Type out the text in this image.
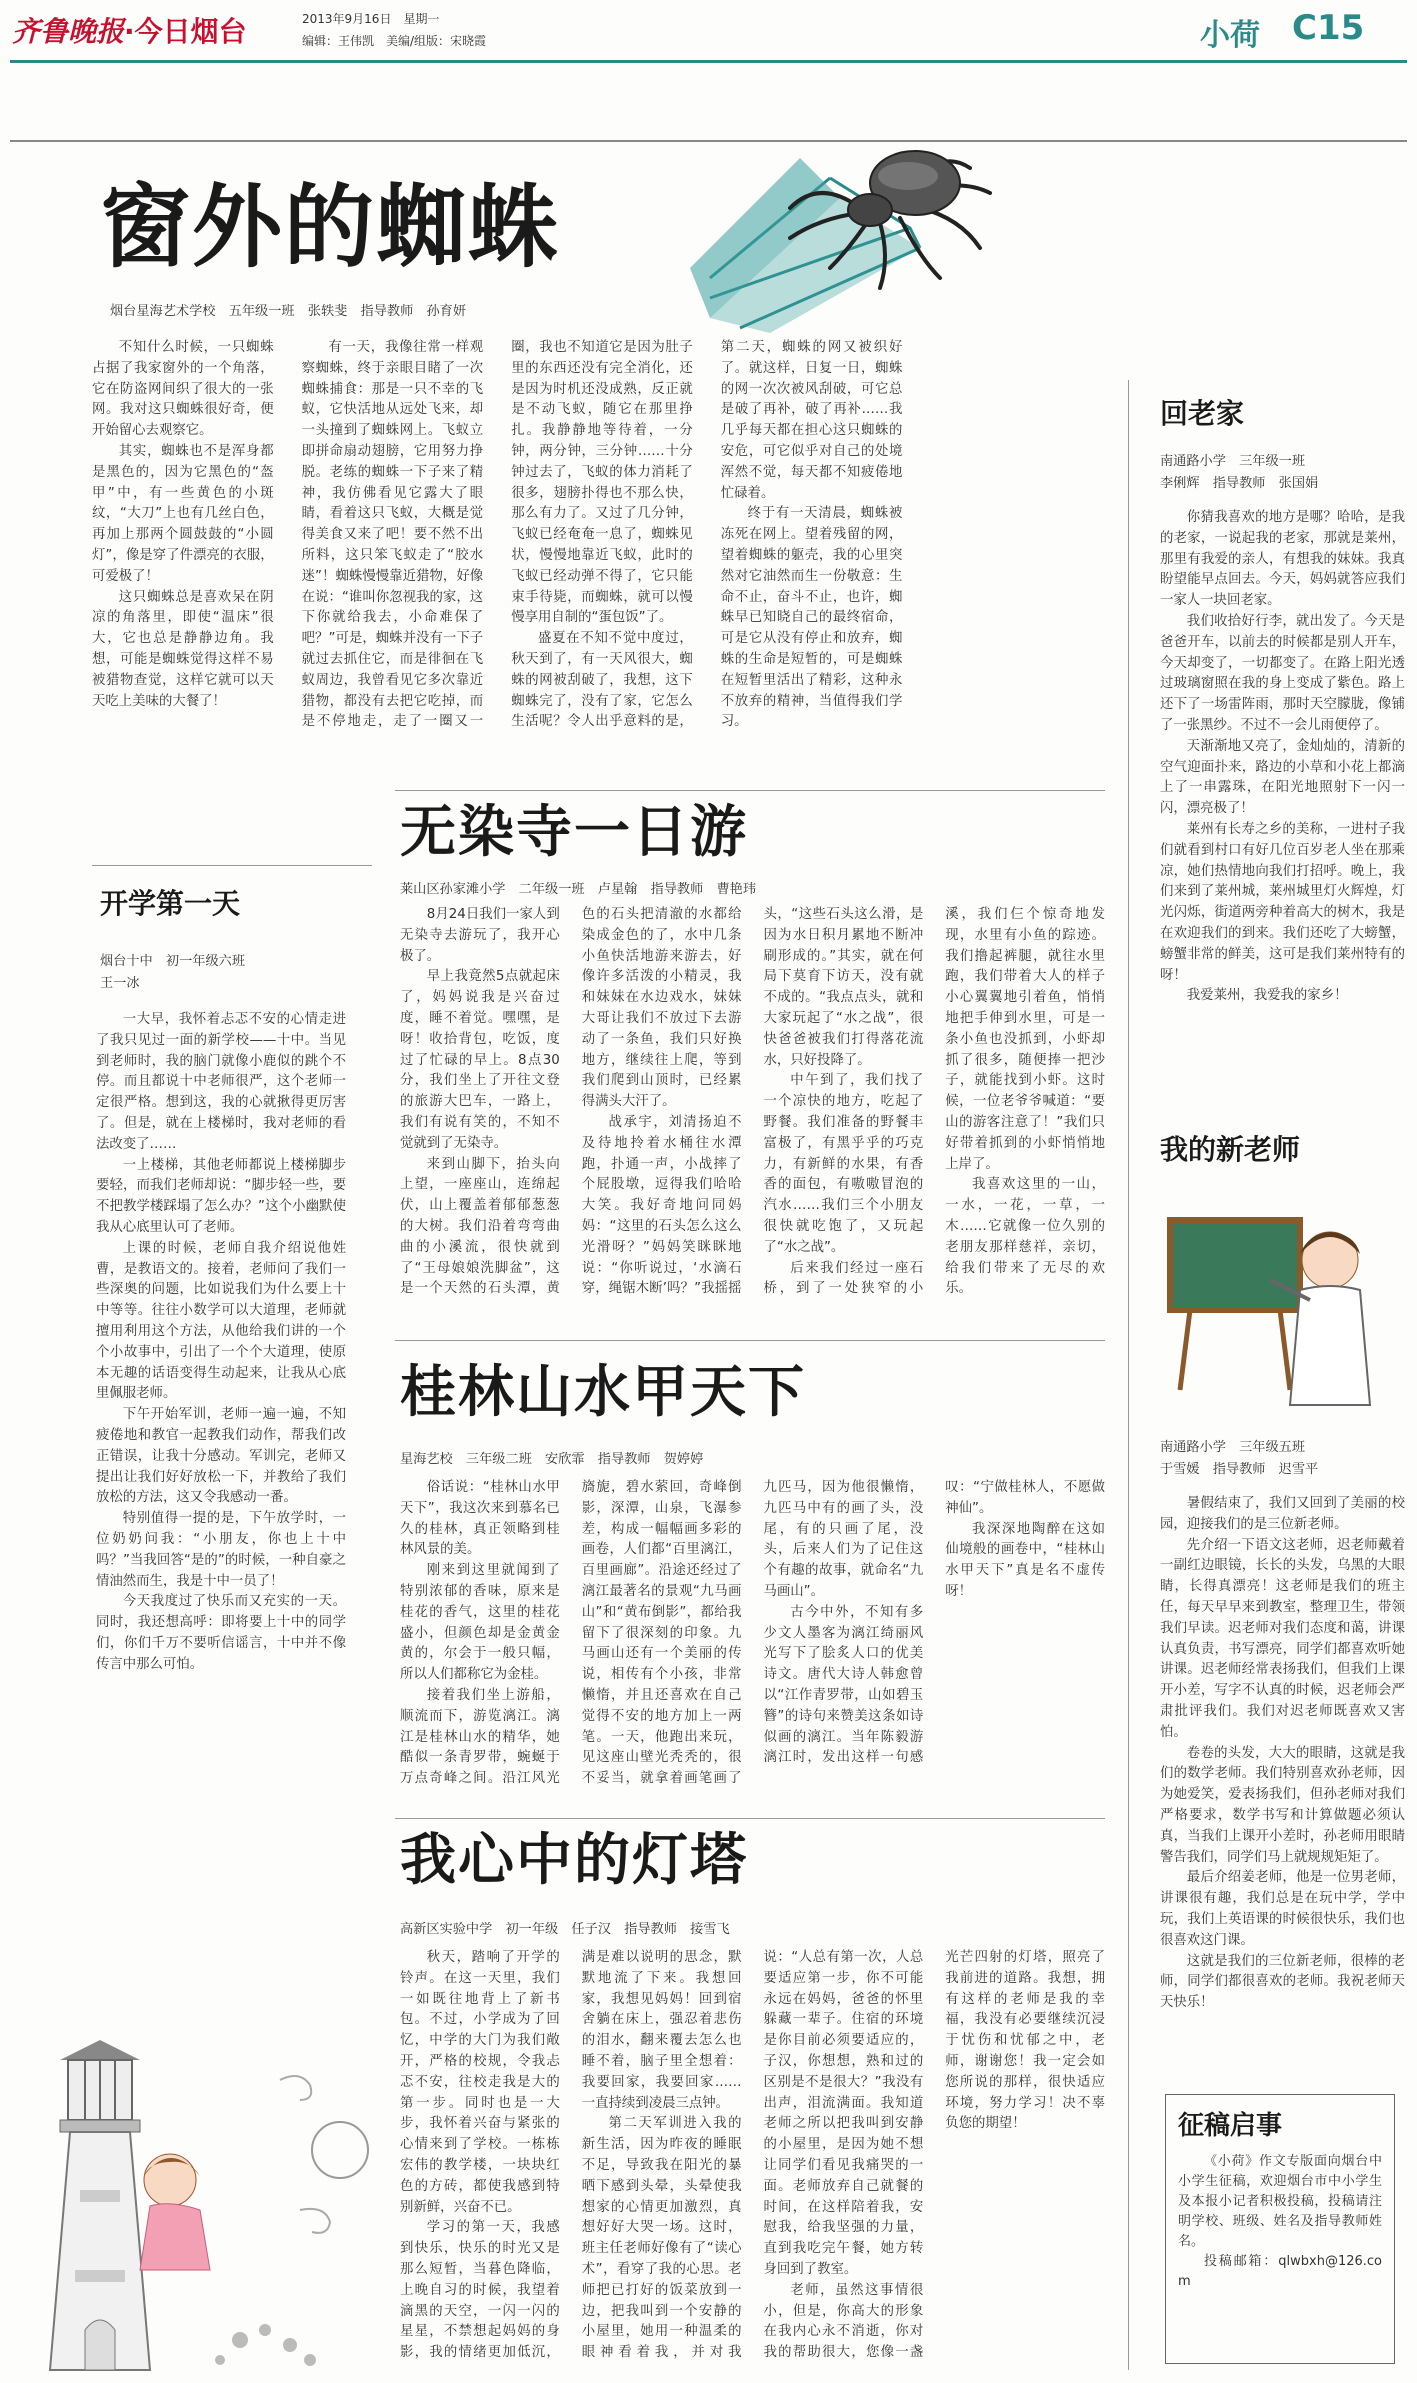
齐鲁晚报·今日烟台	2013年9月16日　 星期一
编辑：王伟凯　美编/组版：宋晓霞	小荷 C15
窗外的蜘蛛
烟台星海艺术学校　五年级一班　张轶斐　指导教师　孙育妍

不知什么时候，一只蜘蛛占据了我家窗外的一个角落，它在防盗网间织了很大的一张网。我对这只蜘蛛很好奇，便开始留心去观察它。

其实，蜘蛛也不是浑身都是黑色的，因为它黑色的“盔甲”中，有一些黄色的小斑纹，“大刀”上也有几丝白色，再加上那两个圆鼓鼓的“小圆灯”，像是穿了件漂亮的衣服，可爱极了！

这只蜘蛛总是喜欢呆在阴凉的角落里，即使“温床”很大，它也总是静静边角。我想，可能是蜘蛛觉得这样不易被猎物查觉，这样它就可以天天吃上美味的大餐了！

有一天，我像往常一样观察蜘蛛，终于亲眼目睹了一次蜘蛛捕食：那是一只不幸的飞蚁，它快活地从远处飞来，却一头撞到了蜘蛛网上。飞蚁立即拼命扇动翅膀，它用努力挣脱。老练的蜘蛛一下子来了精神，我仿佛看见它露大了眼睛，看着这只飞蚁，大概是觉得美食又来了吧！要不然不出所料，这只笨飞蚁走了“胶水迷”！蜘蛛慢慢靠近猎物，好像在说：“谁叫你忽视我的家，这下你就给我去，小命难保了吧？”可是，蜘蛛并没有一下子就过去抓住它，而是徘徊在飞蚁周边，我曾看见它多次靠近猎物，都没有去把它吃掉，而是不停地走，走了一圈又一圈，我也不知道它是因为肚子里的东西还没有完全消化，还是因为时机还没成熟，反正就是不动飞蚁，随它在那里挣扎。我静静地等待着，一分钟，两分钟，三分钟……十分钟过去了，飞蚁的体力消耗了很多，翅膀扑得也不那么快，那么有力了。又过了几分钟，飞蚁已经奄奄一息了，蜘蛛见状，慢慢地靠近飞蚁，此时的飞蚁已经动弹不得了，它只能束手待毙，而蜘蛛，就可以慢慢享用自制的“蛋包饭”了。

盛夏在不知不觉中度过，秋天到了，有一天风很大，蜘蛛的网被刮破了，我想，这下蜘蛛完了，没有了家，它怎么生活呢？令人出乎意料的是，第二天，蜘蛛的网又被织好了。就这样，日复一日，蜘蛛的网一次次被风刮破，可它总是破了再补，破了再补……我几乎每天都在担心这只蜘蛛的安危，可它似乎对自己的处境浑然不觉，每天都不知疲倦地忙碌着。

终于有一天清晨，蜘蛛被冻死在网上。望着残留的网，望着蜘蛛的躯壳，我的心里突然对它油然而生一份敬意：生命不止，奋斗不止，也许，蜘蛛早已知晓自己的最终宿命，可是它从没有停止和放弃，蜘蛛的生命是短暂的，可是蜘蛛在短暂里活出了精彩，这种永不放弃的精神，当值得我们学习。

开学第一天
烟台十中　初一年级六班
王一冰

一大早，我怀着忐忑不安的心情走进了我只见过一面的新学校——十中。当见到老师时，我的脑门就像小鹿似的跳个不停。而且都说十中老师很严，这个老师一定很严格。想到这，我的心就揪得更厉害了。但是，就在上楼梯时，我对老师的看法改变了……

一上楼梯，其他老师都说上楼梯脚步要轻，而我们老师却说：“脚步轻一些，要不把教学楼踩塌了怎么办？”这个小幽默使我从心底里认可了老师。

上课的时候，老师自我介绍说他姓曹，是教语文的。接着，老师问了我们一些深奥的问题，比如说我们为什么要上十中等等。往往小数学可以大道理，老师就擅用利用这个方法，从他给我们讲的一个个小故事中，引出了一个个大道理，使原本无趣的话语变得生动起来，让我从心底里佩服老师。

下午开始军训，老师一遍一遍，不知疲倦地和教官一起教我们动作，帮我们改正错误，让我十分感动。军训完，老师又提出让我们好好放松一下，并教给了我们放松的方法，这又令我感动一番。

特别值得一提的是，下午放学时，一位奶奶问我：“小朋友，你也上十中吗？”当我回答“是的”的时候，一种自豪之情油然而生，我是十中一员了！

今天我度过了快乐而又充实的一天。同时，我还想高呼：即将要上十中的同学们，你们千万不要听信谣言，十中并不像传言中那么可怕。

无染寺一日游
莱山区孙家滩小学　二年级一班　卢星翰　指导教师　曹艳玮

8月24日我们一家人到无染寺去游玩了，我开心极了。

早上我竟然5点就起床了，妈妈说我是兴奋过度，睡不着觉。嘿嘿，是呀！收拾背包，吃饭，度过了忙碌的早上。8点30分，我们坐上了开往文登的旅游大巴车，一路上，我们有说有笑的，不知不觉就到了无染寺。

来到山脚下，抬头向上望，一座座山，连绵起伏，山上覆盖着郁郁葱葱的大树。我们沿着弯弯曲曲的小溪流，很快就到了“王母娘娘洗脚盆”，这是一个天然的石头潭，黄色的石头把清澈的水都给染成金色的了，水中几条小鱼快活地游来游去，好像许多活泼的小精灵，我和妹妹在水边戏水，妹妹大哥让我们不放过下去游动了一条鱼，我们只好换地方，继续往上爬，等到我们爬到山顶时，已经累得满头大汗了。

战承宇，刘清扬迫不及待地拎着水桶往水潭跑，扑通一声，小战摔了个屁股墩，逗得我们哈哈大笑。我好奇地问同妈妈：“这里的石头怎么这么光滑呀？”妈妈笑眯眯地说：“你听说过，‘水滴石穿，绳锯木断’吗？”我摇摇头，“这些石头这么滑，是因为水日积月累地不断冲刷形成的。”其实，就在何局下莫育下访天，没有就不成的。“我点点头，就和大家玩起了“水之战”，很快爸爸被我们打得落花流水，只好投降了。

中午到了，我们找了一个凉快的地方，吃起了野餐。我们准备的野餐丰富极了，有黑乎乎的巧克力，有新鲜的水果，有香香的面包，有嗷嗷冒泡的汽水……我们三个小朋友很快就吃饱了，又玩起了“水之战”。

后来我们经过一座石桥，到了一处狭窄的小溪，我们仨个惊奇地发现，水里有小鱼的踪迹。我们撸起裤腿，就往水里跑，我们带着大人的样子小心翼翼地引着鱼，悄悄地把手伸到水里，可是一条小鱼也没抓到，小虾却抓了很多，随便捧一把沙子，就能找到小虾。这时候，一位老爷爷喊道：“要山的游客注意了！”我们只好带着抓到的小虾悄悄地上岸了。

我喜欢这里的一山，一水，一花，一草，一木……它就像一位久别的老朋友那样慈祥，亲切，给我们带来了无尽的欢乐。

桂林山水甲天下
星海艺校　三年级二班　安欣霏　指导教师　贺婷婷

俗话说：“桂林山水甲天下”，我这次来到慕名已久的桂林，真正领略到桂林风景的美。

刚来到这里就闻到了特别浓郁的香味，原来是桂花的香气，这里的桂花盛小，但颜色却是金黄金黄的，尔会于一般只幅，所以人们都称它为金桂。

接着我们坐上游船，顺流而下，游览漓江。漓江是桂林山水的精华，她酷似一条青罗带，蜿蜒于万点奇峰之间。沿江风光旖旎，碧水萦回，奇峰倒影，深潭，山泉，飞瀑参差，构成一幅幅画多彩的画卷，人们都“百里漓江，百里画廊”。沿途还经过了漓江最著名的景观“九马画山”和“黄布倒影”，都给我留下了很深刻的印象。九马画山还有一个美丽的传说，相传有个小孩，非常懒惰，并且还喜欢在自己觉得不安的地方加上一两笔。一天，他跑出来玩，见这座山壁光秃秃的，很不妥当，就拿着画笔画了九匹马，因为他很懒惰，九匹马中有的画了头，没尾，有的只画了尾，没头，后来人们为了记住这个有趣的故事，就命名“九马画山”。

古今中外，不知有多少文人墨客为漓江绮丽风光写下了脍炙人口的优美诗文。唐代大诗人韩愈曾以“江作青罗带，山如碧玉簪”的诗句来赞美这条如诗似画的漓江。当年陈毅游漓江时，发出这样一句感叹：“宁做桂林人，不愿做神仙”。

我深深地陶醉在这如仙境般的画卷中，“桂林山水甲天下”真是名不虚传呀！

我心中的灯塔
高新区实验中学　初一年级　任子汉　指导教师　接雪飞

秋天，踏响了开学的铃声。在这一天里，我们一如既往地背上了新书包。不过，小学成为了回忆，中学的大门为我们敞开，严格的校规，令我忐忑不安，往校走我是大的第一步。同时也是一大步，我怀着兴奋与紧张的心情来到了学校。一栋栋宏伟的教学楼，一块块红色的方砖，都使我感到特别新鲜，兴奋不已。

学习的第一天，我感到快乐，快乐的时光又是那么短暂，当暮色降临，上晚自习的时候，我望着滴黑的天空，一闪一闪的星星，不禁想起妈妈的身影，我的情绪更加低沉，满是难以说明的思念，默默地流了下来。我想回家，我想见妈妈！回到宿舍躺在床上，强忍着悲伤的泪水，翻来覆去怎么也睡不着，脑子里全想着：我要回家，我要回家……一直持续到凌晨三点钟。

第二天军训进入我的新生活，因为昨夜的睡眠不足，导致我在阳光的暴晒下感到头晕，头晕使我想家的心情更加激烈，真想好好大哭一场。这时，班主任老师好像有了“读心术”，看穿了我的心思。老师把已打好的饭菜放到一边，把我叫到一个安静的小屋里，她用一种温柔的眼神看着我，并对我说：“人总有第一次，人总要适应第一步，你不可能永远在妈妈，爸爸的怀里躲藏一辈子。住宿的环境是你目前必须要适应的，子汉，你想想，熟和过的区别是不是很大？”我没有出声，泪流满面。我知道老师之所以把我叫到安静的小屋里，是因为她不想让同学们看见我痛哭的一面。老师放弃自己就餐的时间，在这样陪着我，安慰我，给我坚强的力量，直到我吃完午餐，她方转身回到了教室。

老师，虽然这事情很小，但是，你高大的形象在我内心永不消逝，你对我的帮助很大，您像一盏光芒四射的灯塔，照亮了我前进的道路。我想，拥有这样的老师是我的幸福，我没有必要继续沉浸于忧伤和忧郁之中，老师，谢谢您！我一定会如您所说的那样，很快适应环境，努力学习！决不辜负您的期望！

回老家
南通路小学　三年级一班
李俐辉　指导教师　张国娟

你猜我喜欢的地方是哪？哈哈，是我的老家，一说起我的老家，那就是莱州，那里有我爱的亲人，有想我的妹妹。我真盼望能早点回去。今天，妈妈就答应我们一家人一块回老家。

我们收拾好行李，就出发了。今天是爸爸开车，以前去的时候都是别人开车，今天却变了，一切都变了。在路上阳光透过玻璃窗照在我的身上变成了紫色。路上还下了一场雷阵雨，那时天空朦胧，像铺了一张黑纱。不过不一会儿雨便停了。

天渐渐地又亮了，金灿灿的，清新的空气迎面扑来，路边的小草和小花上都滴上了一串露珠，在阳光地照射下一闪一闪，漂亮极了！

莱州有长寿之乡的美称，一进村子我们就看到村口有好几位百岁老人坐在那乘凉，她们热情地向我们打招呼。晚上，我们来到了莱州城，莱州城里灯火辉煌，灯光闪烁，街道两旁种着高大的树木，我是在欢迎我们的到来。我们还吃了大螃蟹，螃蟹非常的鲜美，这可是我们莱州特有的呀！

我爱莱州，我爱我的家乡！

我的新老师
南通路小学　三年级五班
于雪媛　指导教师　迟雪平

暑假结束了，我们又回到了美丽的校园，迎接我们的是三位新老师。

先介绍一下语文这老师，迟老师戴着一副红边眼镜，长长的头发，乌黑的大眼睛，长得真漂亮！这老师是我们的班主任，每天早早来到教室，整理卫生，带领我们早读。迟老师对我们态度和蔼，讲课认真负责，书写漂亮，同学们都喜欢听她讲课。迟老师经常表扬我们，但我们上课开小差，写字不认真的时候，迟老师会严肃批评我们。我们对迟老师既喜欢又害怕。

卷卷的头发，大大的眼睛，这就是我们的数学老师。我们特别喜欢孙老师，因为她爱笑，爱表扬我们，但孙老师对我们严格要求，数学书写和计算做题必须认真，当我们上课开小差时，孙老师用眼睛警告我们，同学们马上就规规矩矩了。

最后介绍姜老师，他是一位男老师，讲课很有趣，我们总是在玩中学，学中玩，我们上英语课的时候很快乐，我们也很喜欢这门课。

这就是我们的三位新老师，很棒的老师，同学们都很喜欢的老师。我祝老师天天快乐！

征稿启事

《小荷》作文专版面向烟台中小学生征稿，欢迎烟台市中小学生及本报小记者积极投稿，投稿请注明学校、班级、姓名及指导教师姓名。

投稿邮箱：qlwbxh@126.com
